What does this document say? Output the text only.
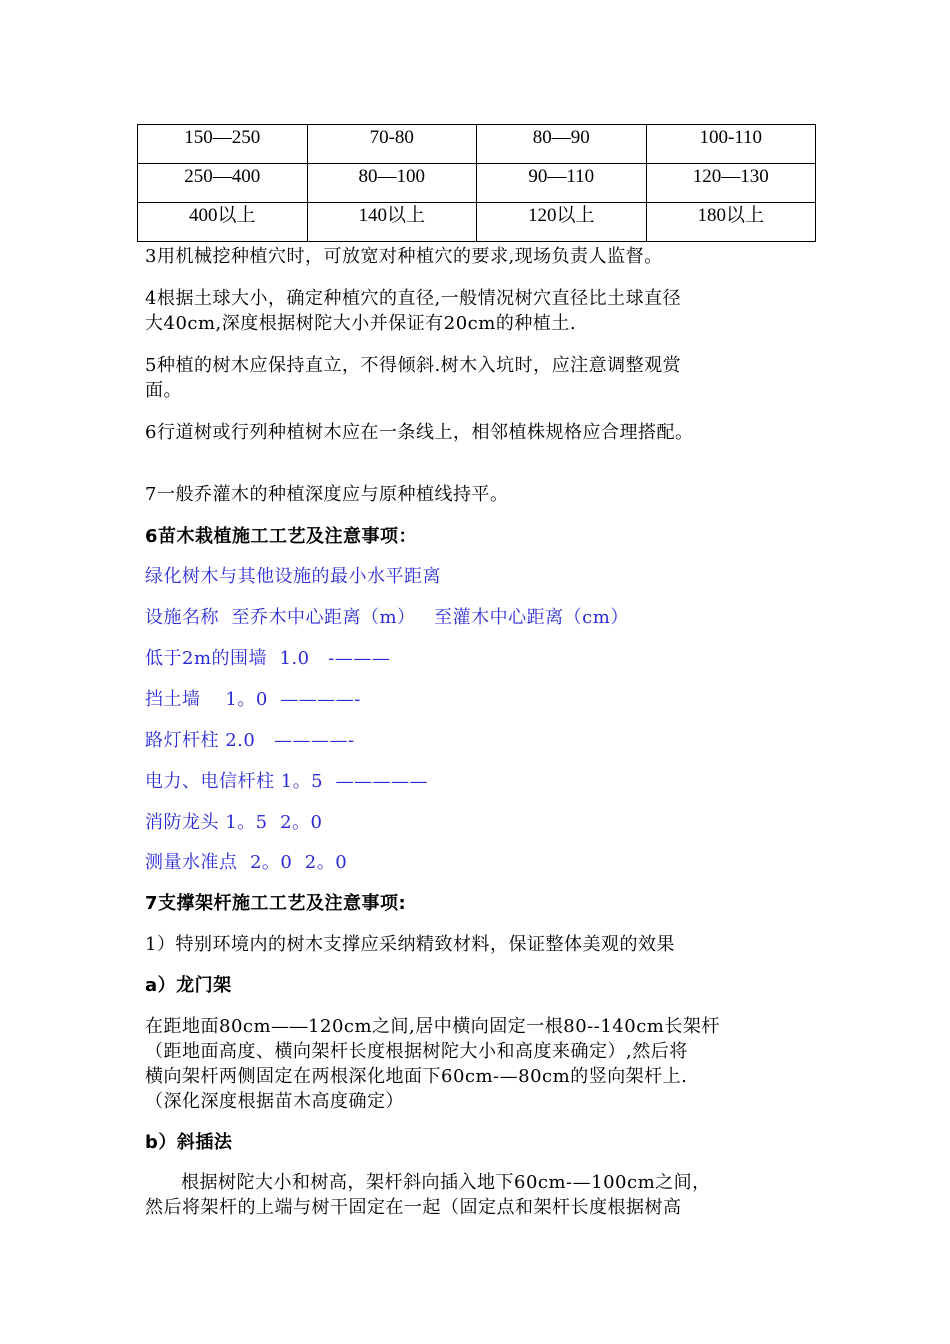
150—250	70-80	80—90	100-110
250—400	80—100	90—110	120—130
400以上	140以上	120以上	180以上
3用机械挖种植穴时，可放宽对种植穴的要求,现场负责人监督。
4根据土球大小，确定种植穴的直径,一般情况树穴直径比土球直径
大40cm,深度根据树陀大小并保证有20cm的种植土.
5种植的树木应保持直立，不得倾斜.树木入坑时，应注意调整观赏
面。
6行道树或行列种植树木应在一条线上，相邻植株规格应合理搭配。
7一般乔灌木的种植深度应与原种植线持平。
6苗木栽植施工工艺及注意事项：
绿化树木与其他设施的最小水平距离
设施名称  至乔木中心距离（m）   至灌木中心距离（cm）
低于2m的围墙  1.0   -———
挡土墙    1。0  ————-
路灯杆柱 2.0   ————-
电力、电信杆柱 1。5  —————
消防龙头 1。5  2。0
测量水准点  2。0  2。0
7支撑架杆施工工艺及注意事项:
1）特别环境内的树木支撑应采纳精致材料，保证整体美观的效果
a）龙门架
在距地面80cm—―120cm之间,居中横向固定一根80--140cm长架杆
（距地面高度、横向架杆长度根据树陀大小和高度来确定）,然后将
横向架杆两侧固定在两根深化地面下60cm-—80cm的竖向架杆上.
（深化深度根据苗木高度确定）
b）斜插法
根据树陀大小和树高，架杆斜向插入地下60cm-—100cm之间，
然后将架杆的上端与树干固定在一起（固定点和架杆长度根据树高
